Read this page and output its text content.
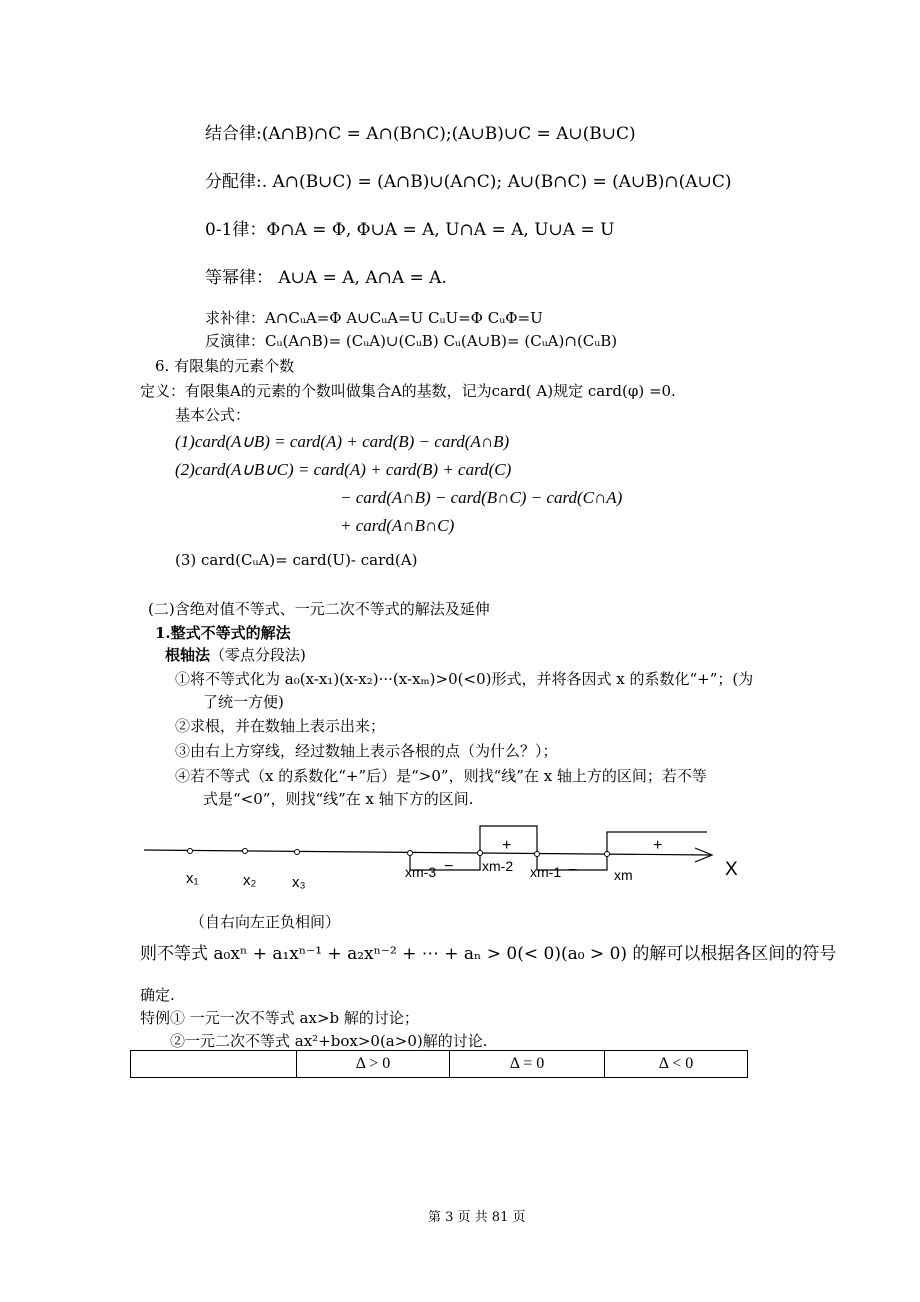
结合律:(A∩B)∩C = A∩(B∩C);(A∪B)∪C = A∪(B∪C)
分配律:. A∩(B∪C) = (A∩B)∪(A∩C); A∪(B∩C) = (A∪B)∩(A∪C)
0-1律：Φ∩A = Φ, Φ∪A = A, U∩A = A, U∪A = U
等幂律： A∪A = A, A∩A = A.
求补律：A∩CᵤA=Φ A∪CᵤA=U CᵤU=Φ CᵤΦ=U
反演律：Cᵤ(A∩B)= (CᵤA)∪(CᵤB) Cᵤ(A∪B)= (CᵤA)∩(CᵤB)
6. 有限集的元素个数
定义：有限集A的元素的个数叫做集合A的基数，记为card( A)规定 card(φ) =0.
基本公式：
(1)card(A∪B) = card(A) + card(B) − card(A∩B)
(2)card(A∪B∪C) = card(A) + card(B) + card(C)
− card(A∩B) − card(B∩C) − card(C∩A)
+ card(A∩B∩C)
(3) card(CᵤA)= card(U)- card(A)
(二)含绝对值不等式、一元二次不等式的解法及延伸
1.整式不等式的解法
根轴法（零点分段法)
①将不等式化为 a₀(x-x₁)(x-x₂)···(x-xₘ)>0(<0)形式，并将各因式 x 的系数化“+”；(为
了统一方便)
②求根，并在数轴上表示出来；
③由右上方穿线，经过数轴上表示各根的点（为什么？）；
④若不等式（x 的系数化“+”后）是“>0”，则找“线”在 x 轴上方的区间；若不等
式是“<0”，则找“线”在 x 轴下方的区间.
x₁	x₂ x₃
xm-3	xm-2 xm-1	xm
−
+
−
+
X
（自右向左正负相间）
则不等式 a₀xⁿ + a₁xⁿ⁻¹ + a₂xⁿ⁻² + ⋯ + aₙ > 0(< 0)(a₀ > 0) 的解可以根据各区间的符号
确定.
特例① 一元一次不等式 ax>b 解的讨论；
②一元二次不等式 ax²+box>0(a>0)解的讨论.
	Δ > 0	Δ = 0	Δ < 0
第 3 页 共 81 页
